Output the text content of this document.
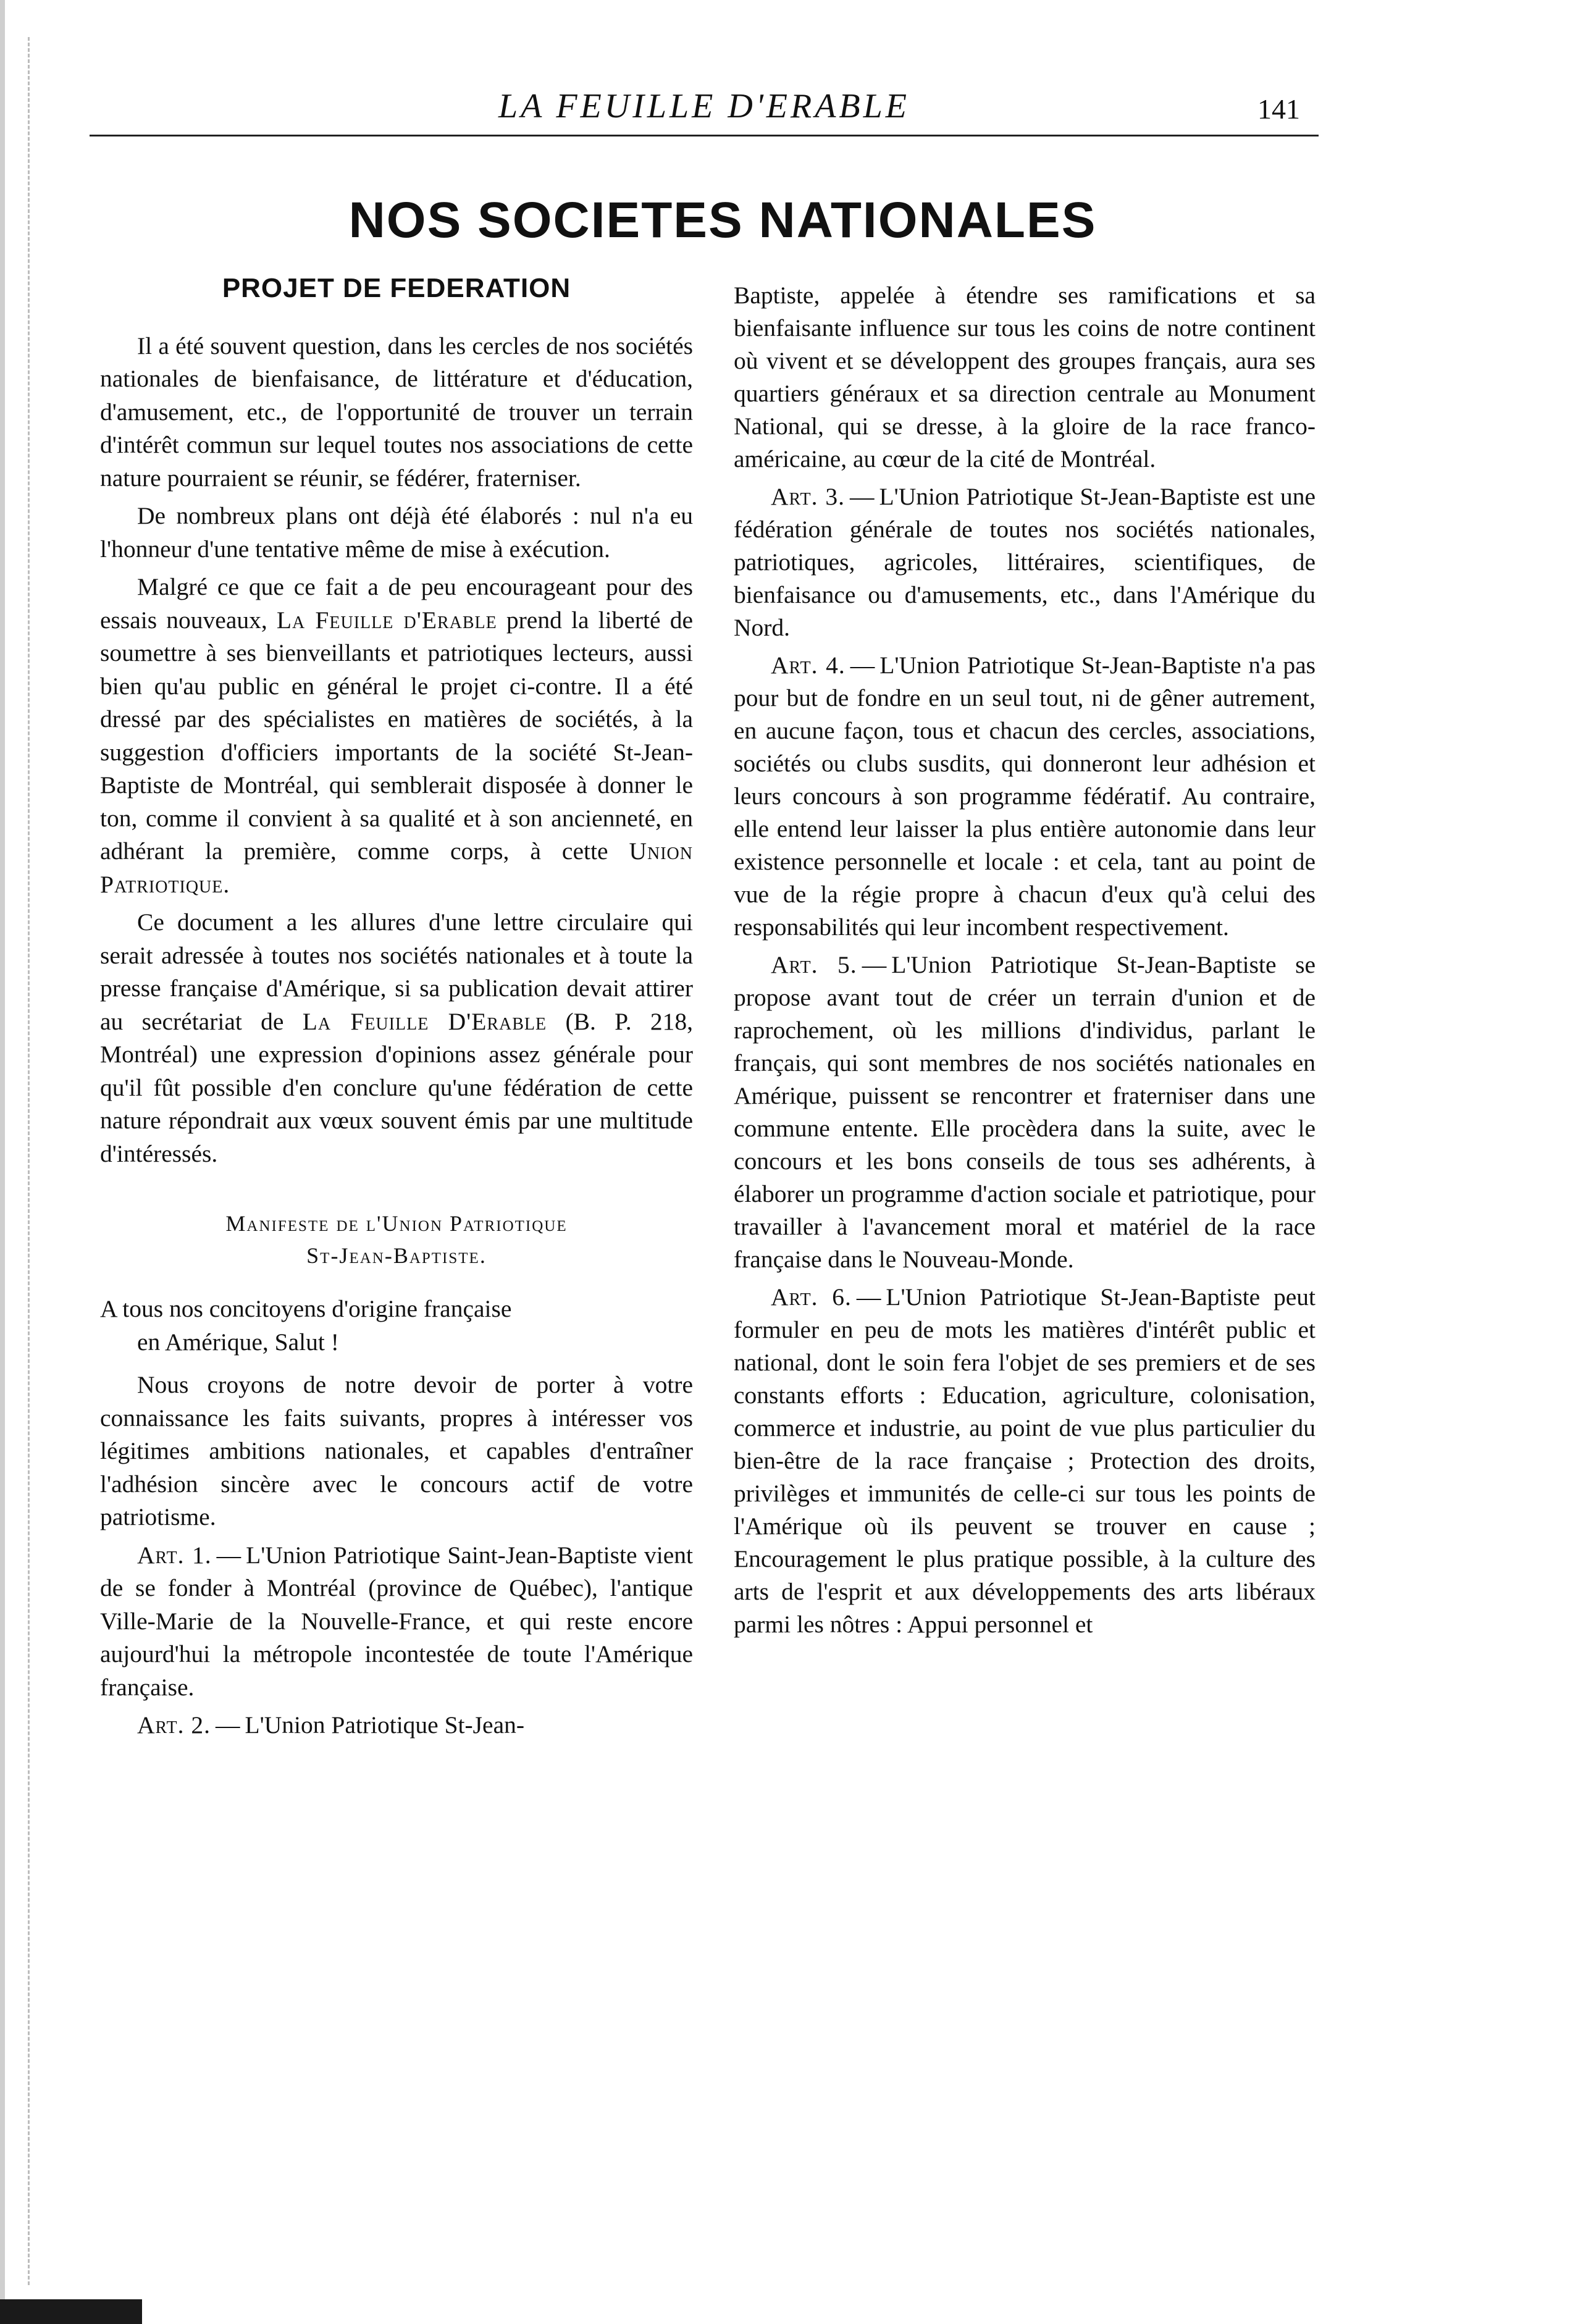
LA FEUILLE D'ERABLE	141
NOS SOCIETES NATIONALES
PROJET DE FEDERATION

Il a été souvent question, dans les cercles de nos sociétés nationales de bienfaisance, de littérature et d'éducation, d'amusement, etc., de l'opportunité de trouver un terrain d'intérêt commun sur lequel toutes nos associations de cette nature pourraient se réunir, se fédérer, fraterniser.

De nombreux plans ont déjà été élaborés : nul n'a eu l'honneur d'une tentative même de mise à exécution.

Malgré ce que ce fait a de peu encourageant pour des essais nouveaux, La Feuille d'Erable prend la liberté de soumettre à ses bienveillants et patriotiques lecteurs, aussi bien qu'au public en général le projet ci-contre. Il a été dressé par des spécialistes en matières de sociétés, à la suggestion d'officiers importants de la société St-Jean-Baptiste de Montréal, qui semblerait disposée à donner le ton, comme il convient à sa qualité et à son ancienneté, en adhérant la première, comme corps, à cette Union Patriotique.

Ce document a les allures d'une lettre circulaire qui serait adressée à toutes nos sociétés nationales et à toute la presse française d'Amérique, si sa publication devait attirer au secrétariat de La Feuille D'Erable (B. P. 218, Montréal) une expression d'opinions assez générale pour qu'il fût possible d'en conclure qu'une fédération de cette nature répondrait aux vœux souvent émis par une multitude d'intéressés.

Manifeste de l'Union Patriotique
St-Jean-Baptiste.

A tous nos concitoyens d'origine française
en Amérique, Salut !

Nous croyons de notre devoir de porter à votre connaissance les faits suivants, propres à intéresser vos légitimes ambitions nationales, et capables d'entraîner l'adhésion sincère avec le concours actif de votre patriotisme.

Art. 1. — L'Union Patriotique Saint-Jean-Baptiste vient de se fonder à Montréal (province de Québec), l'antique Ville-Marie de la Nouvelle-France, et qui reste encore aujourd'hui la métropole incontestée de toute l'Amérique française.

Art. 2. — L'Union Patriotique St-Jean-

Baptiste, appelée à étendre ses ramifications et sa bienfaisante influence sur tous les coins de notre continent où vivent et se développent des groupes français, aura ses quartiers généraux et sa direction centrale au Monument National, qui se dresse, à la gloire de la race franco-américaine, au cœur de la cité de Montréal.

Art. 3. — L'Union Patriotique St-Jean-Baptiste est une fédération générale de toutes nos sociétés nationales, patriotiques, agricoles, littéraires, scientifiques, de bienfaisance ou d'amusements, etc., dans l'Amérique du Nord.

Art. 4. — L'Union Patriotique St-Jean-Baptiste n'a pas pour but de fondre en un seul tout, ni de gêner autrement, en aucune façon, tous et chacun des cercles, associations, sociétés ou clubs susdits, qui donneront leur adhésion et leurs concours à son programme fédératif. Au contraire, elle entend leur laisser la plus entière autonomie dans leur existence personnelle et locale : et cela, tant au point de vue de la régie propre à chacun d'eux qu'à celui des responsabilités qui leur incombent respectivement.

Art. 5. — L'Union Patriotique St-Jean-Baptiste se propose avant tout de créer un terrain d'union et de raprochement, où les millions d'individus, parlant le français, qui sont membres de nos sociétés nationales en Amérique, puissent se rencontrer et fraterniser dans une commune entente. Elle procèdera dans la suite, avec le concours et les bons conseils de tous ses adhérents, à élaborer un programme d'action sociale et patriotique, pour travailler à l'avancement moral et matériel de la race française dans le Nouveau-Monde.

Art. 6. — L'Union Patriotique St-Jean-Baptiste peut formuler en peu de mots les matières d'intérêt public et national, dont le soin fera l'objet de ses premiers et de ses constants efforts : Education, agriculture, colonisation, commerce et industrie, au point de vue plus particulier du bien-être de la race française ; Protection des droits, privilèges et immunités de celle-ci sur tous les points de l'Amérique où ils peuvent se trouver en cause ; Encouragement le plus pratique possible, à la culture des arts de l'esprit et aux développements des arts libéraux parmi les nôtres : Appui personnel et
